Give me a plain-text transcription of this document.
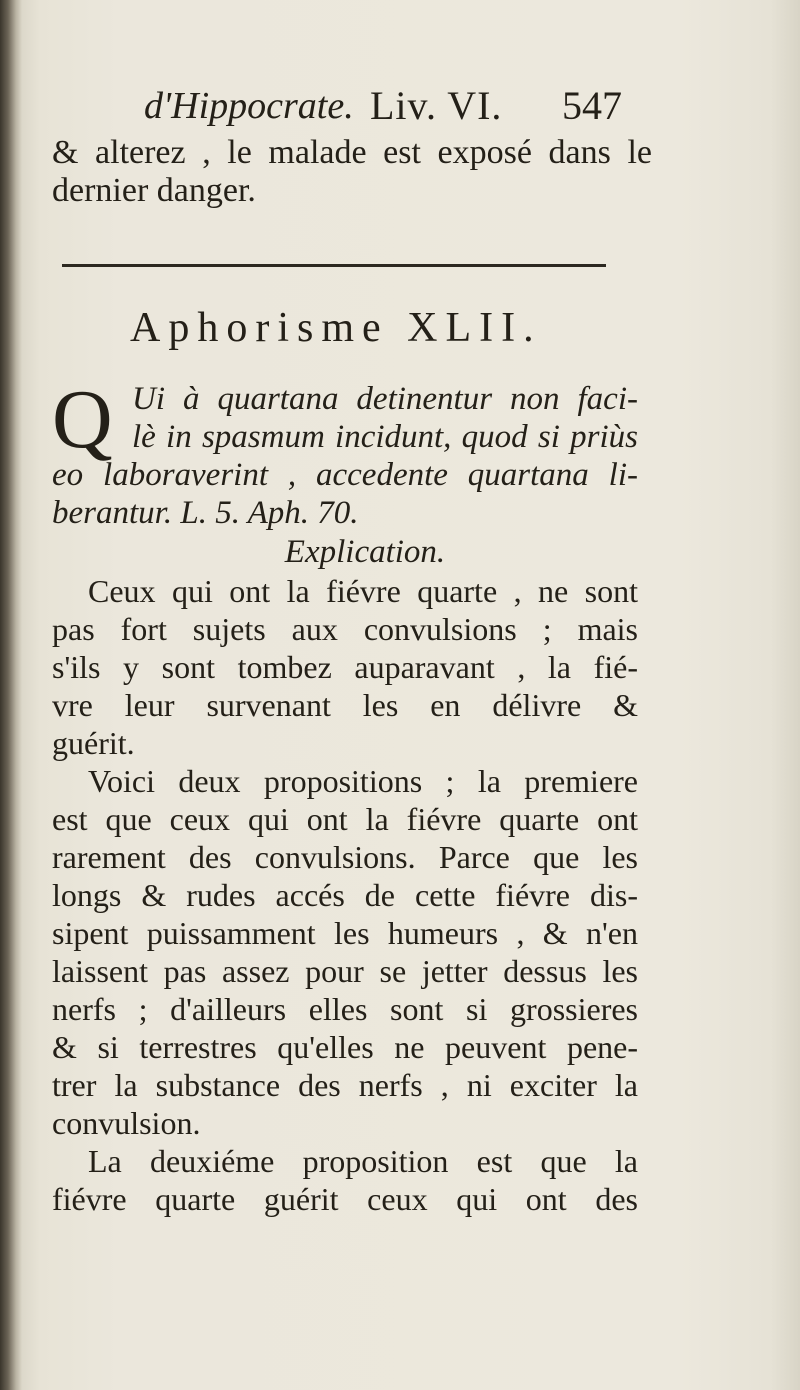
d'Hippocrate. Liv. VI. 547
& alterez , le malade est exposé dans le
dernier danger.
Aphorisme XLII.
Q Ui à quartana detinentur non faci-
lè in spasmum incidunt, quod si priùs
eo laboraverint , accedente quartana li-
berantur. L. 5. Aph. 70.
Explication.
Ceux qui ont la fiévre quarte , ne sont
pas fort sujets aux convulsions ; mais
s'ils y sont tombez auparavant , la fié-
vre leur survenant les en délivre &
guérit.
Voici deux propositions ; la premiere
est que ceux qui ont la fiévre quarte ont
rarement des convulsions. Parce que les
longs & rudes accés de cette fiévre dis-
sipent puissamment les humeurs , & n'en
laissent pas assez pour se jetter dessus les
nerfs ; d'ailleurs elles sont si grossieres
& si terrestres qu'elles ne peuvent pene-
trer la substance des nerfs , ni exciter la
convulsion.
La deuxiéme proposition est que la
fiévre quarte guérit ceux qui ont des
